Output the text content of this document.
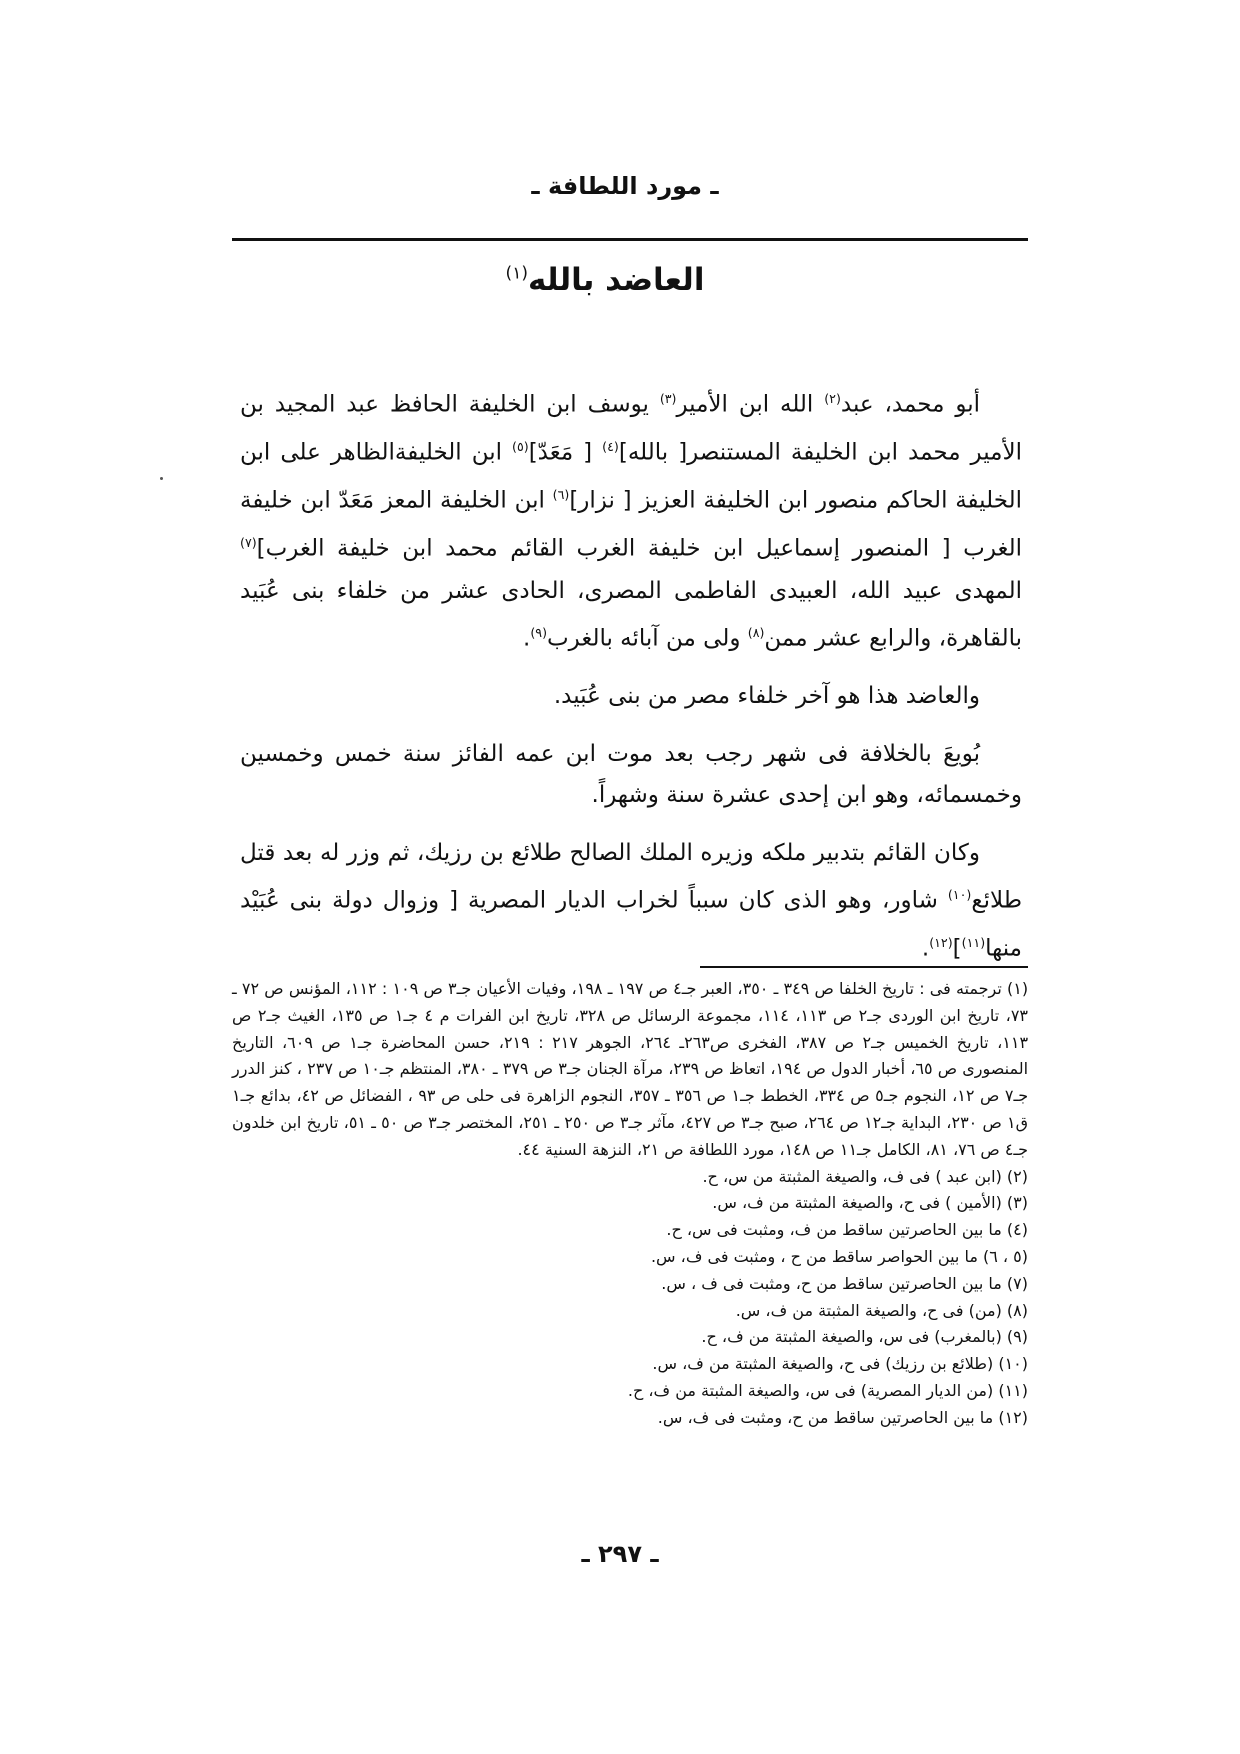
ـ مورد اللطافة ـ
العاضد بالله$^{(١)}$

أبو محمد، عبد$^{(٢)}$ الله ابن الأمير$^{(٣)}$ يوسف ابن الخليفة الحافظ عبد المجيد بن الأمير محمد ابن الخليفة المستنصر[ بالله]$^{(٤)}$ [ مَعَدّ]$^{(٥)}$ ابن الخليفةالظاهر على ابن الخليفة الحاكم منصور ابن الخليفة العزيز [ نزار]$^{(٦)}$ ابن الخليفة المعز مَعَدّ ابن خليفة الغرب [ المنصور إسماعيل ابن خليفة الغرب القائم محمد ابن خليفة الغرب]$^{(٧)}$ المهدى عبيد الله، العبيدى الفاطمى المصرى، الحادى عشر من خلفاء بنى عُبَيد بالقاهرة، والرابع عشر ممن$^{(٨)}$ ولى من آبائه بالغرب$^{(٩)}$.

والعاضد هذا هو آخر خلفاء مصر من بنى عُبَيد.

بُويعَ بالخلافة فى شهر رجب بعد موت ابن عمه الفائز سنة خمس وخمسين وخمسمائه، وهو ابن إحدى عشرة سنة وشهراً.

وكان القائم بتدبير ملكه وزيره الملك الصالح طلائع بن رزيك، ثم وزر له بعد قتل طلائع$^{(١٠)}$ شاور، وهو الذى كان سبباً لخراب الديار المصرية [ وزوال دولة بنى عُبَيْد منها$^{(١١)}$]$^{(١٢)}$.

(١) ترجمته فى : تاريخ الخلفا ص ٣٤٩ ـ ٣٥٠، العبر جـ٤ ص ١٩٧ ـ ١٩٨، وفيات الأعيان جـ٣ ص ١٠٩ : ١١٢، المؤنس ص ٧٢ ـ ٧٣، تاريخ ابن الوردى جـ٢ ص ١١٣، ١١٤، مجموعة الرسائل ص ٣٢٨، تاريخ ابن الفرات م ٤ جـ١ ص ١٣٥، الغيث جـ٢ ص ١١٣، تاريخ الخميس جـ٢ ص ٣٨٧، الفخرى ص٢٦٣ـ ٢٦٤، الجوهر ٢١٧ : ٢١٩، حسن المحاضرة جـ١ ص ٦٠٩، التاريخ المنصورى ص ٦٥، أخبار الدول ص ١٩٤، اتعاظ ص ٢٣٩، مرآة الجنان جـ٣ ص ٣٧٩ ـ ٣٨٠، المنتظم جـ١٠ ص ٢٣٧ ، كنز الدرر جـ٧ ص ١٢، النجوم جـ٥ ص ٣٣٤، الخطط جـ١ ص ٣٥٦ ـ ٣٥٧، النجوم الزاهرة فى حلى ص ٩٣ ، الفضائل ص ٤٢، بدائع جـ١ ق١ ص ٢٣٠، البداية جـ١٢ ص ٢٦٤، صبح جـ٣ ص ٤٢٧، مآثر جـ٣ ص ٢٥٠ ـ ٢٥١، المختصر جـ٣ ص ٥٠ ـ ٥١، تاريخ ابن خلدون جـ٤ ص ٧٦، ٨١، الكامل جـ١١ ص ١٤٨، مورد اللطافة ص ٢١، النزهة السنية ٤٤.

(٢) (ابن عبد ) فى ف، والصيغة المثبتة من س، ح.

(٣) (الأمين ) فى ح، والصيغة المثبتة من ف، س.

(٤) ما بين الحاصرتين ساقط من ف، ومثبت فى س، ح.

(٥ ، ٦) ما بين الحواصر ساقط من ح ، ومثبت فى ف، س.

(٧) ما بين الحاصرتين ساقط من ح، ومثبت فى ف ، س.

(٨) (من) فى ح، والصيغة المثبتة من ف، س.

(٩) (بالمغرب) فى س، والصيغة المثبتة من ف، ح.

(١٠) (طلائع بن رزيك) فى ح، والصيغة المثبتة من ف، س.

(١١) (من الديار المصرية) فى س، والصيغة المثبتة من ف، ح.

(١٢) ما بين الحاصرتين ساقط من ح، ومثبت فى ف، س.

ـ ٢٩٧ ـ
